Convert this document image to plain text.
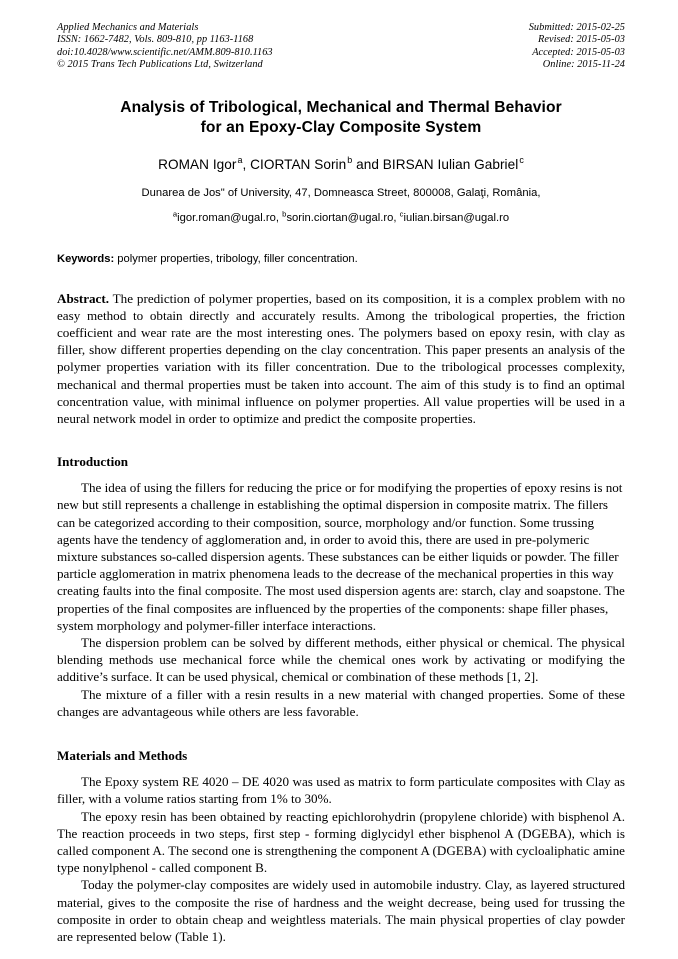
Applied Mechanics and Materials
ISSN: 1662-7482, Vols. 809-810, pp 1163-1168
doi:10.4028/www.scientific.net/AMM.809-810.1163
© 2015 Trans Tech Publications Ltd, Switzerland
Submitted: 2015-02-25
Revised: 2015-05-03
Accepted: 2015-05-03
Online: 2015-11-24
Analysis of Tribological, Mechanical and Thermal Behavior
for an Epoxy-Clay Composite System
ROMAN Igor$^a$, CIORTAN Sorin$^b$ and BIRSAN Iulian Gabriel$^c$
Dunarea de Jos" of University, 47, Domneasca Street, 800008, Galaţi, România,
$^a$igor.roman@ugal.ro, $^b$sorin.ciortan@ugal.ro, $^c$iulian.birsan@ugal.ro
Keywords: polymer properties, tribology, filler concentration.
Abstract. The prediction of polymer properties, based on its composition, it is a complex problem with no easy method to obtain directly and accurately results. Among the tribological properties, the friction coefficient and wear rate are the most interesting ones. The polymers based on epoxy resin, with clay as filler, show different properties depending on the clay concentration. This paper presents an analysis of the polymer properties variation with its filler concentration. Due to the tribological processes complexity, mechanical and thermal properties must be taken into account. The aim of this study is to find an optimal concentration value, with minimal influence on polymer properties. All value properties will be used in a neural network model in order to optimize and predict the composite properties.
Introduction

The idea of using the fillers for reducing the price or for modifying the properties of epoxy resins is not new but still represents a challenge in establishing the optimal dispersion in composite matrix. The fillers can be categorized according to their composition, source, morphology and/or function. Some trussing agents have the tendency of agglomeration and, in order to avoid this, there are used in pre-polymeric mixture substances so-called dispersion agents. These substances can be either liquids or powder. The filler particle agglomeration in matrix phenomena leads to the decrease of the mechanical properties in this way creating faults into the final composite. The most used dispersion agents are: starch, clay and soapstone. The properties of the final composites are influenced by the properties of the components: shape filler phases, system morphology and polymer-filler interface interactions.

The dispersion problem can be solved by different methods, either physical or chemical. The physical blending methods use mechanical force while the chemical ones work by activating or modifying the additive’s surface. It can be used physical, chemical or combination of these methods [1, 2].

The mixture of a filler with a resin results in a new material with changed properties. Some of these changes are advantageous while others are less favorable.

Materials and Methods

The Epoxy system RE 4020 – DE 4020 was used as matrix to form particulate composites with Clay as filler, with a volume ratios starting from 1% to 30%.

The epoxy resin has been obtained by reacting epichlorohydrin (propylene chloride) with bisphenol A. The reaction proceeds in two steps, first step - forming diglycidyl ether bisphenol A (DGEBA), which is called component A. The second one is strengthening the component A (DGEBA) with cycloaliphatic amine type nonylphenol - called component B.

Today the polymer-clay composites are widely used in automobile industry. Clay, as layered structured material, gives to the composite the rise of hardness and the weight decrease, being used for trussing the composite in order to obtain cheap and weightless materials. The main physical properties of clay powder are represented below (Table 1).
